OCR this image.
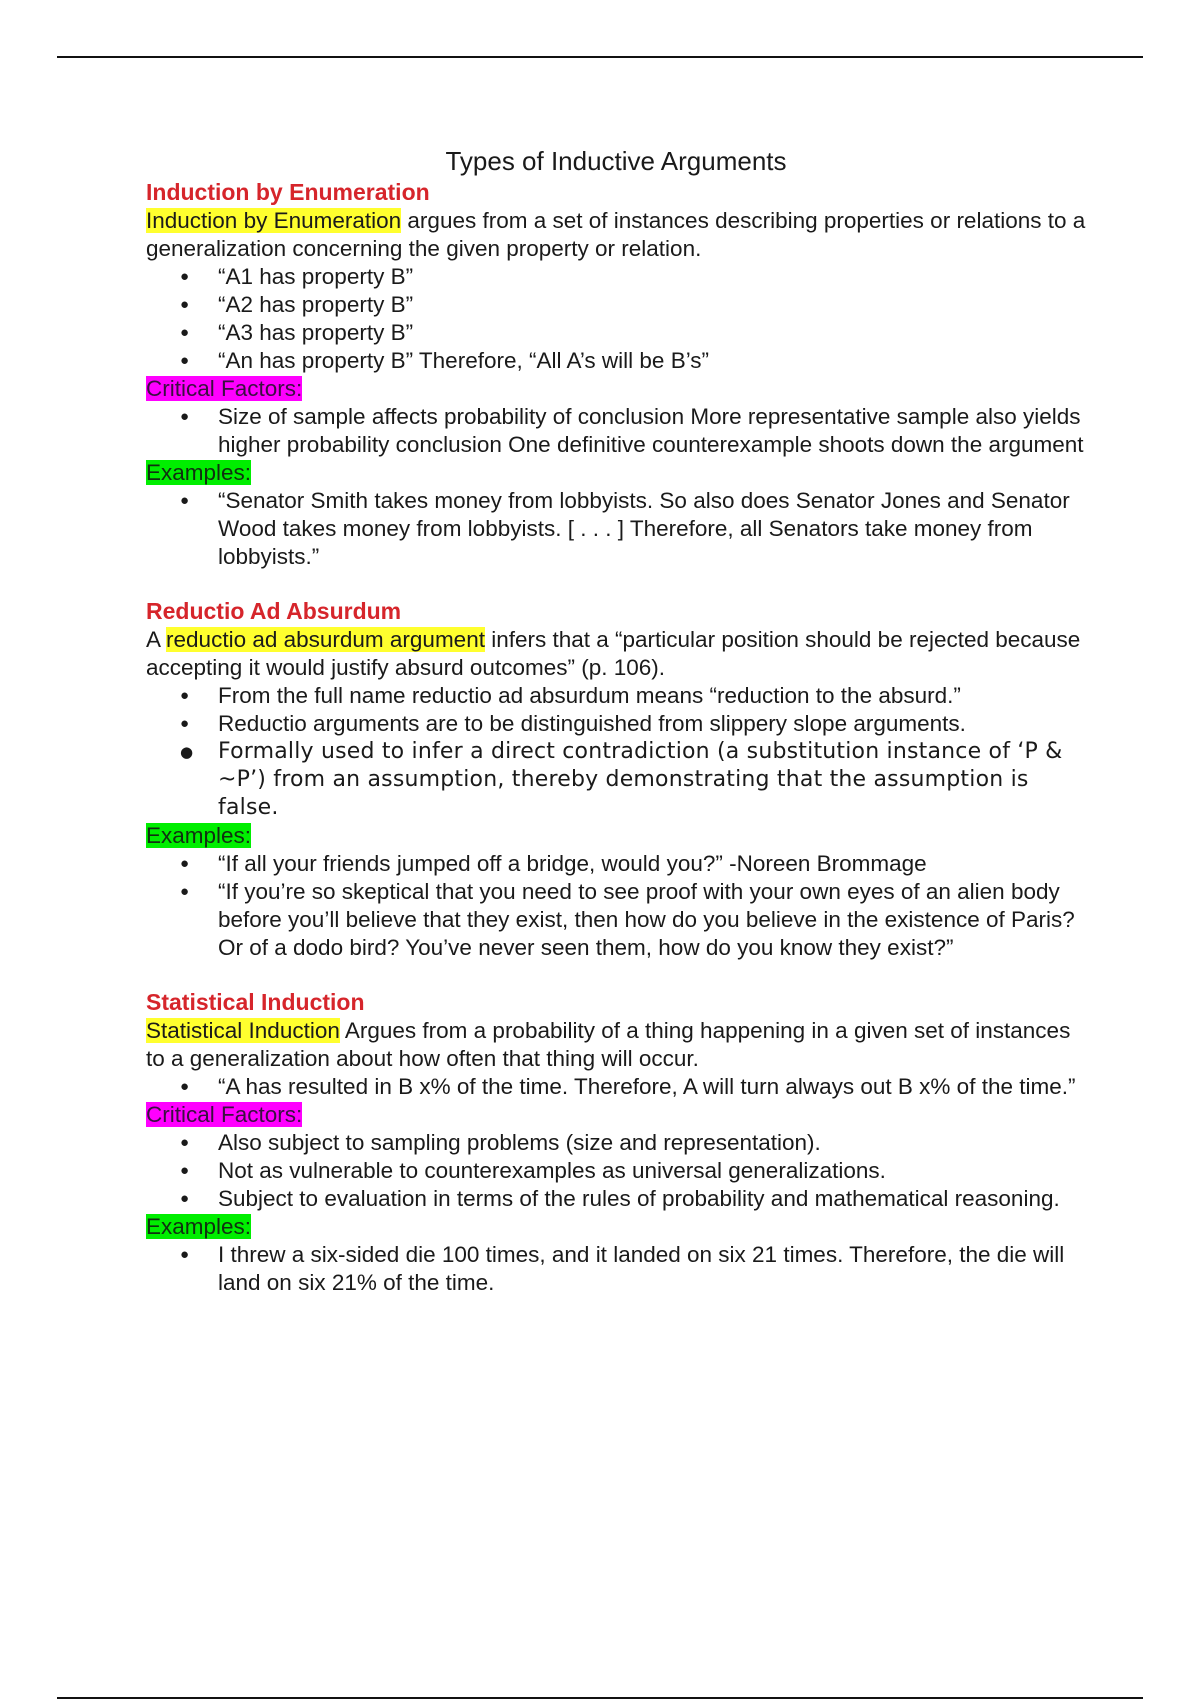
Types of Inductive Arguments
Induction by Enumeration

Induction by Enumeration argues from a set of instances describing properties or relations to a generalization concerning the given property or relation.

● “A1 has property B”
● “A2 has property B”
● “A3 has property B”
● “An has property B” Therefore, “All A’s will be B’s”
Critical Factors:
● Size of sample affects probability of conclusion More representative sample also yields higher probability conclusion One definitive counterexample shoots down the argument
Examples:
● “Senator Smith takes money from lobbyists. So also does Senator Jones and Senator Wood takes money from lobbyists. [ . . . ] Therefore, all Senators take money from lobbyists.”
Reductio Ad Absurdum

A reductio ad absurdum argument infers that a “particular position should be rejected because accepting it would justify absurd outcomes” (p. 106).

● From the full name reductio ad absurdum means “reduction to the absurd.”
● Reductio arguments are to be distinguished from slippery slope arguments.
● Formally used to infer a direct contradiction (a substitution instance of ‘P & ~P’) from an assumption, thereby demonstrating that the assumption is false.
Examples:
● “If all your friends jumped off a bridge, would you?” -Noreen Brommage
● “If you’re so skeptical that you need to see proof with your own eyes of an alien body before you’ll believe that they exist, then how do you believe in the existence of Paris? Or of a dodo bird? You’ve never seen them, how do you know they exist?”
Statistical Induction

Statistical Induction Argues from a probability of a thing happening in a given set of instances to a generalization about how often that thing will occur.

● “A has resulted in B x% of the time. Therefore, A will turn always out B x% of the time.”
Critical Factors:
● Also subject to sampling problems (size and representation).
● Not as vulnerable to counterexamples as universal generalizations.
● Subject to evaluation in terms of the rules of probability and mathematical reasoning.
Examples:
● I threw a six-sided die 100 times, and it landed on six 21 times. Therefore, the die will land on six 21% of the time.
